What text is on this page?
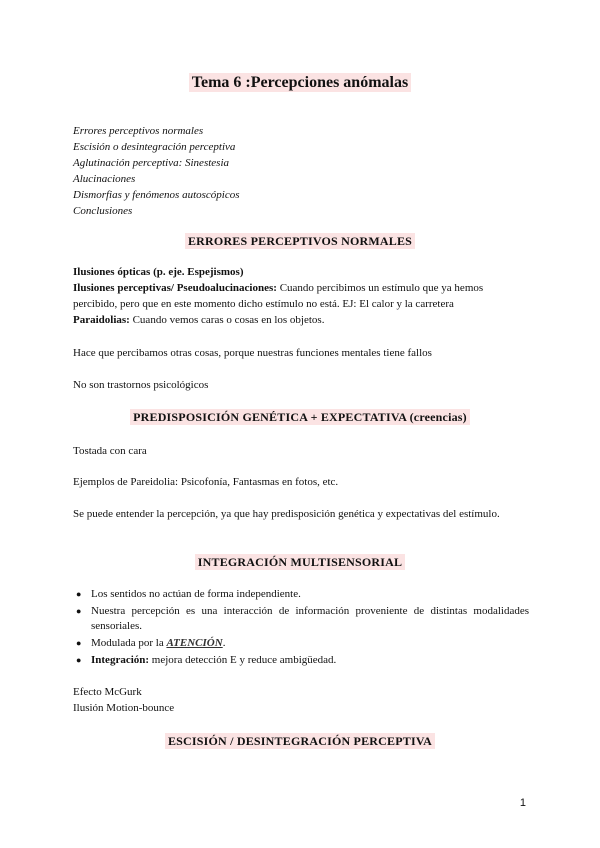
Tema 6 :Percepciones anómalas
Errores perceptivos normales
Escisión o desintegración perceptiva
Aglutinación perceptiva: Sinestesia
Alucinaciones
Dismorfias y fenómenos autoscópicos
Conclusiones
ERRORES PERCEPTIVOS NORMALES
Ilusiones ópticas (p. eje. Espejismos)
Ilusiones perceptivas/ Pseudoalucinaciones: Cuando percibimos un estímulo que ya hemos percibido, pero que en este momento dicho estímulo no está. EJ: El calor y la carretera
Paraidolias: Cuando vemos caras o cosas en los objetos.
Hace que percibamos otras cosas, porque nuestras funciones mentales tiene fallos
No son trastornos psicológicos
PREDISPOSICIÓN GENÉTICA + EXPECTATIVA (creencias)
Tostada con cara
Ejemplos de Pareidolia: Psicofonía, Fantasmas en fotos, etc.
Se puede entender la percepción, ya que hay predisposición genética y expectativas del estímulo.
INTEGRACIÓN MULTISENSORIAL
● Los sentidos no actúan de forma independiente.
● Nuestra percepción es una interacción de información proveniente de distintas modalidades sensoriales.
● Modulada por la ATENCIÓN.
● Integración: mejora detección E y reduce ambigüedad.
Efecto McGurk
Ilusión Motion-bounce
ESCISIÓN / DESINTEGRACIÓN PERCEPTIVA
1
